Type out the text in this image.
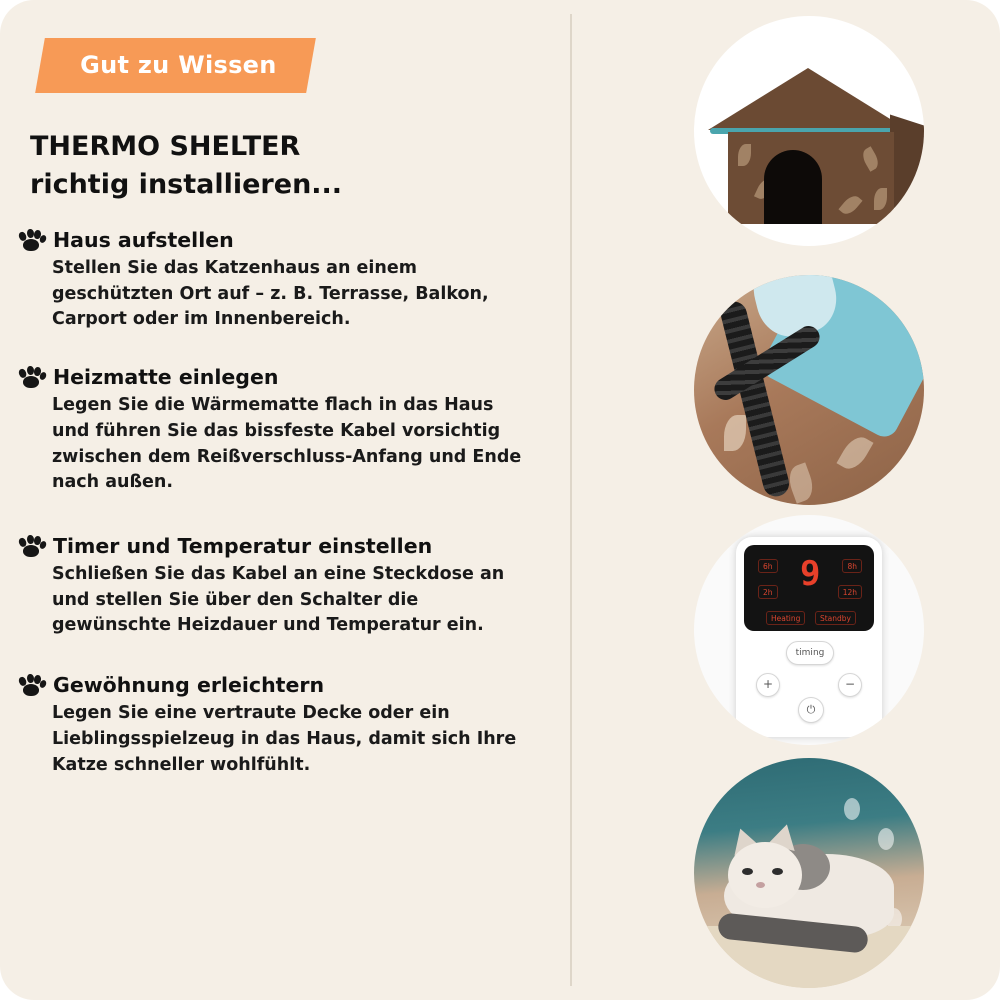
Gut zu Wissen
THERMO SHELTER
richtig installieren...
Haus aufstellen
Stellen Sie das Katzenhaus an einem geschützten Ort auf – z. B. Terrasse, Balkon, Carport oder im Innenbereich.
Heizmatte einlegen
Legen Sie die Wärmematte flach in das Haus und führen Sie das bissfeste Kabel vorsichtig zwischen dem Reißverschluss-Anfang und Ende nach außen.
Timer und Temperatur einstellen
Schließen Sie das Kabel an eine Steckdose an und stellen Sie über den Schalter die gewünschte Heizdauer und Temperatur ein.
Gewöhnung erleichtern
Legen Sie eine vertraute Decke oder ein Lieblingsspielzeug in das Haus, damit sich Ihre Katze schneller wohlfühlt.
9
6h	8h
2h	12h
Heating	Standby
timing
+	−
⏻
